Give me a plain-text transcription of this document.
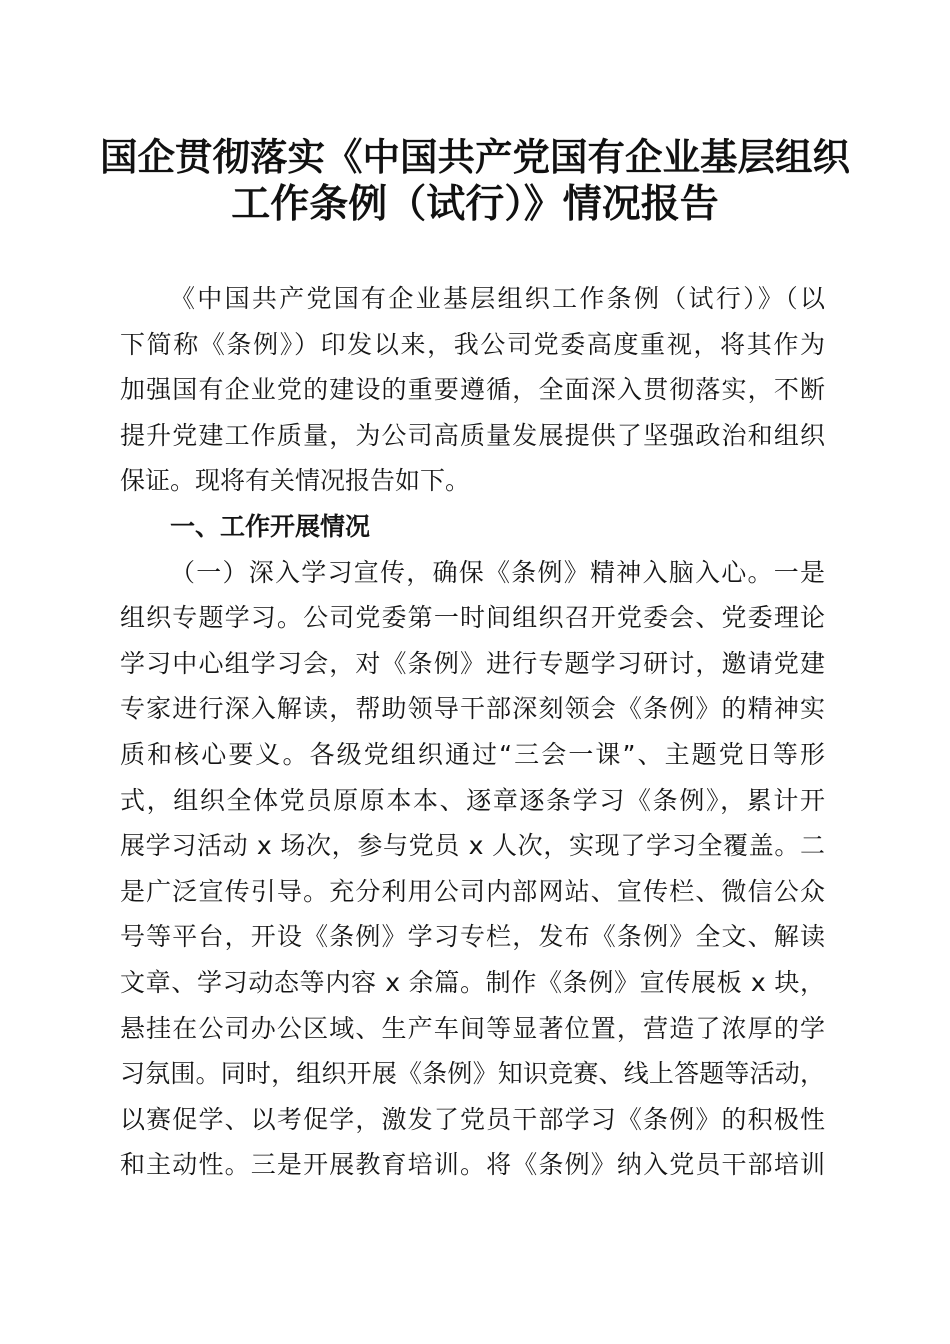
国企贯彻落实《中国共产党国有企业基层组织
工作条例（试行）》情况报告
《中国共产党国有企业基层组织工作条例（试行）》（以
下简称《条例》）印发以来，我公司党委高度重视，将其作为
加强国有企业党的建设的重要遵循，全面深入贯彻落实，不断
提升党建工作质量，为公司高质量发展提供了坚强政治和组织
保证。现将有关情况报告如下。
一、工作开展情况
（一）深入学习宣传，确保《条例》精神入脑入心。一是
组织专题学习。公司党委第一时间组织召开党委会、党委理论
学习中心组学习会，对《条例》进行专题学习研讨，邀请党建
专家进行深入解读，帮助领导干部深刻领会《条例》的精神实
质和核心要义。各级党组织通过“三会一课”、主题党日等形
式，组织全体党员原原本本、逐章逐条学习《条例》，累计开
展学习活动 x 场次，参与党员 x 人次，实现了学习全覆盖。二
是广泛宣传引导。充分利用公司内部网站、宣传栏、微信公众
号等平台，开设《条例》学习专栏，发布《条例》全文、解读
文章、学习动态等内容 x 余篇。制作《条例》宣传展板 x 块，
悬挂在公司办公区域、生产车间等显著位置，营造了浓厚的学
习氛围。同时，组织开展《条例》知识竞赛、线上答题等活动，
以赛促学、以考促学，激发了党员干部学习《条例》的积极性
和主动性。三是开展教育培训。将《条例》纳入党员干部培训
